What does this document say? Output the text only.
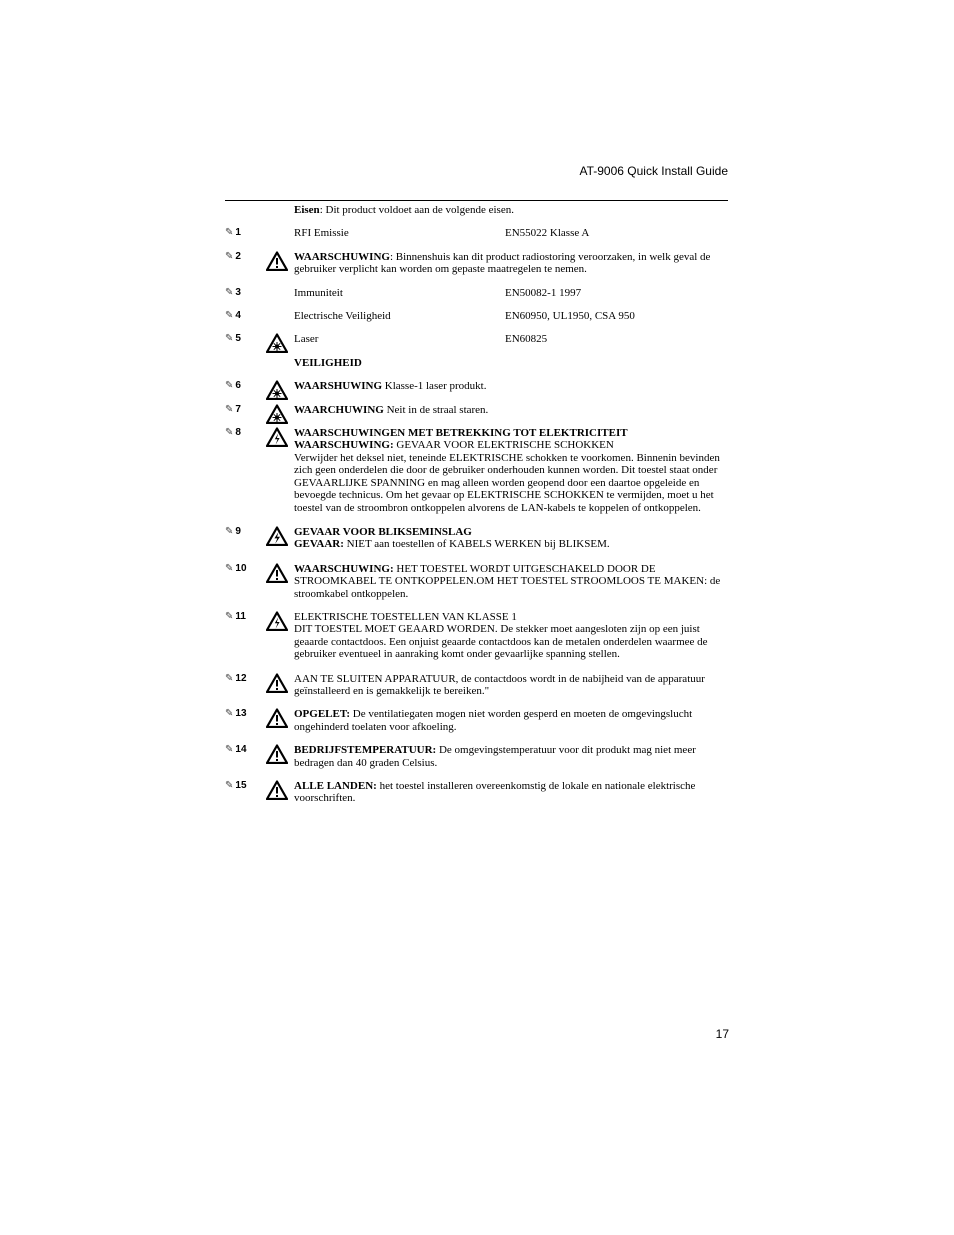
AT-9006 Quick Install Guide
Eisen: Dit product voldoet aan de volgende eisen.
✎ 1	RFI Emissie	EN55022 Klasse A
✎ 2	WAARSCHUWING: Binnenshuis kan dit product radiostoring veroorzaken, in welk geval de gebruiker verplicht kan worden om gepaste maatregelen te nemen.
✎ 3	Immuniteit	EN50082-1 1997
✎ 4	Electrische Veiligheid	EN60950, UL1950, CSA 950
✎ 5	Laser	EN60825
VEILIGHEID
✎ 6	WAARSHUWING Klasse-1 laser produkt.
✎ 7	WAARCHUWING Neit in de straal staren.
✎ 8	WAARSCHUWINGEN MET BETREKKING TOT ELEKTRICITEIT
WAARSCHUWING: GEVAAR VOOR ELEKTRISCHE SCHOKKEN
Verwijder het deksel niet, teneinde ELEKTRISCHE schokken te voorkomen. Binnenin bevinden zich geen onderdelen die door de gebruiker onderhouden kunnen worden. Dit toestel staat onder GEVAARLIJKE SPANNING en mag alleen worden geopend door een daartoe opgeleide en bevoegde technicus. Om het gevaar op ELEKTRISCHE SCHOKKEN te vermijden, moet u het toestel van de stroombron ontkoppelen alvorens de LAN-kabels te koppelen of ontkoppelen.
✎ 9	GEVAAR VOOR BLIKSEMINSLAG
GEVAAR: NIET aan toestellen of KABELS WERKEN bij BLIKSEM.
✎ 10	WAARSCHUWING: HET TOESTEL WORDT UITGESCHAKELD DOOR DE STROOMKABEL TE ONTKOPPELEN.OM HET TOESTEL STROOMLOOS TE MAKEN: de stroomkabel ontkoppelen.
✎ 11	ELEKTRISCHE TOESTELLEN VAN KLASSE 1
DIT TOESTEL MOET GEAARD WORDEN. De stekker moet aangesloten zijn op een juist geaarde contactdoos. Een onjuist geaarde contactdoos kan de metalen onderdelen waarmee de gebruiker eventueel in aanraking komt onder gevaarlijke spanning stellen.
✎ 12	AAN TE SLUITEN APPARATUUR, de contactdoos wordt in de nabijheid van de apparatuur geïnstalleerd en is gemakkelijk te bereiken."
✎ 13	OPGELET: De ventilatiegaten mogen niet worden gesperd en moeten de omgevingslucht ongehinderd toelaten voor afkoeling.
✎ 14	BEDRIJFSTEMPERATUUR: De omgevingstemperatuur voor dit produkt mag niet meer bedragen dan 40 graden Celsius.
✎ 15	ALLE LANDEN: het toestel installeren overeenkomstig de lokale en nationale elektrische voorschriften.
17
